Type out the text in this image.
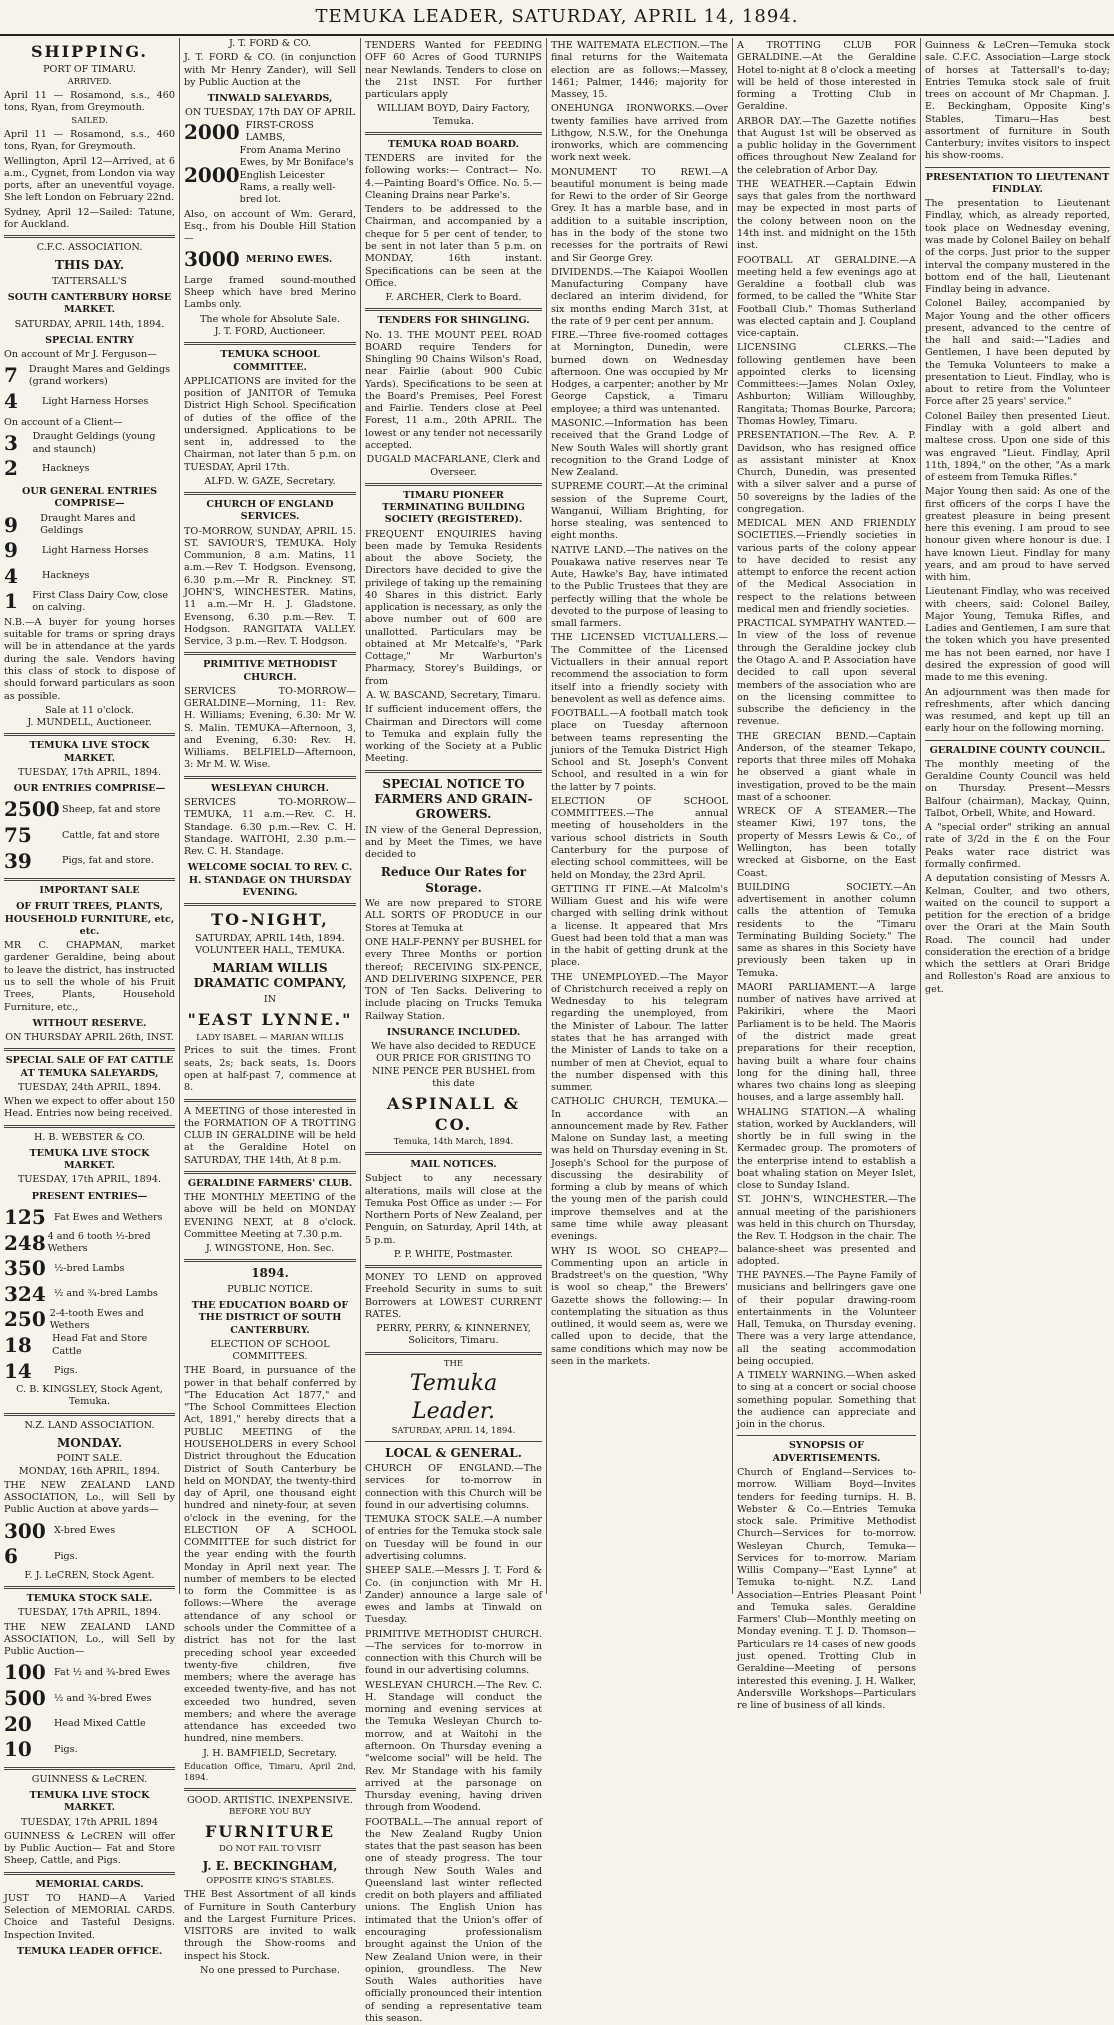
TEMUKA LEADER, SATURDAY, APRIL 14, 1894.
SHIPPING.
PORT OF TIMARU.
ARRIVED.

April 11 — Rosamond, s.s., 460 tons, Ryan, from Greymouth.

SAILED.

April 11 — Rosamond, s.s., 460 tons, Ryan, for Greymouth.

Wellington, April 12—Arrived, at 6 a.m., Cygnet, from London via way ports, after an uneventful voyage. She left London on February 22nd.

Sydney, April 12—Sailed: Tatune, for Auckland.

C.F.C. ASSOCIATION.
THIS DAY.
TATTERSALL'S
SOUTH CANTERBURY HORSE MARKET.
SATURDAY, APRIL 14th, 1894.
SPECIAL ENTRY

On account of Mr J. Ferguson—

7	Draught Mares and Geldings (grand workers)
4	Light Harness Horses

On account of a Client—

3	Draught Geldings (young and staunch)
2	Hackneys
OUR GENERAL ENTRIES COMPRISE—
9	Draught Mares and Geldings
9	Light Harness Horses
4	Hackneys
1	First Class Dairy Cow, close on calving.

N.B.—A buyer for young horses suitable for trams or spring drays will be in attendance at the yards during the sale. Vendors having this class of stock to dispose of should forward particulars as soon as possible.

Sale at 11 o'clock.
J. MUNDELL, Auctioneer.
TEMUKA LIVE STOCK MARKET.
TUESDAY, 17th APRIL, 1894.
OUR ENTRIES COMPRISE—
2500 Sheep, fat and store
75	Cattle, fat and store
39	Pigs, fat and store.
IMPORTANT SALE
OF FRUIT TREES, PLANTS, HOUSEHOLD FURNITURE, etc, etc.

MR C. CHAPMAN, market gardener Geraldine, being about to leave the district, has instructed us to sell the whole of his Fruit Trees, Plants, Household Furniture, etc.,

WITHOUT RESERVE.
ON THURSDAY APRIL 26th, INST.
SPECIAL SALE OF FAT CATTLE AT TEMUKA SALEYARDS,
TUESDAY, 24th APRIL, 1894.

When we expect to offer about 150 Head. Entries now being received.

H. B. WEBSTER & CO.
TEMUKA LIVE STOCK MARKET.
TUESDAY, 17th APRIL, 1894.
PRESENT ENTRIES—
125 Fat Ewes and Wethers
248 4 and 6 tooth ½-bred Wethers
350 ½-bred Lambs
324 ½ and ¾-bred Lambs
250 2-4-tooth Ewes and Wethers
18	Head Fat and Store Cattle
14	Pigs.
C. B. KINGSLEY, Stock Agent, Temuka.
N.Z. LAND ASSOCIATION.
MONDAY.
POINT SALE.
MONDAY, 16th APRIL, 1894.

THE NEW ZEALAND LAND ASSOCIATION, Lo., will Sell by Public Auction at above yards—

300 X-bred Ewes
6	Pigs.
F. J. LeCREN, Stock Agent.
TEMUKA STOCK SALE.
TUESDAY, 17th APRIL, 1894.

THE NEW ZEALAND LAND ASSOCIATION, Lo., will Sell by Public Auction—

100 Fat ½ and ¾-bred Ewes
500 ½ and ¾-bred Ewes
20	Head Mixed Cattle
10	Pigs.
GUINNESS & LeCREN.
TEMUKA LIVE STOCK MARKET.
TUESDAY, 17th APRIL 1894

GUINNESS & LeCREN will offer by Public Auction— Fat and Store Sheep, Cattle, and Pigs.

MEMORIAL CARDS.

JUST TO HAND—A Varied Selection of MEMORIAL CARDS. Choice and Tasteful Designs. Inspection Invited.

TEMUKA LEADER OFFICE.
J. T. FORD & CO.

J. T. FORD & CO. (in conjunction with Mr Henry Zander), will Sell by Public Auction at the

TINWALD SALEYARDS,
ON TUESDAY, 17th DAY OF APRIL
2000 FIRST-CROSS LAMBS,
2000
From Anama Merino Ewes, by Mr Boniface's English Leicester Rams, a really well-bred lot.

Also, on account of Wm. Gerard, Esq., from his Double Hill Station—

3000 MERINO EWES.

Large framed sound-mouthed Sheep which have bred Merino Lambs only.

The whole for Absolute Sale.
J. T. FORD, Auctioneer.
TEMUKA SCHOOL COMMITTEE.

APPLICATIONS are invited for the position of JANITOR of Temuka District High School. Specification of duties of the office of the undersigned. Applications to be sent in, addressed to the Chairman, not later than 5 p.m. on TUESDAY, April 17th.

ALFD. W. GAZE, Secretary.
CHURCH OF ENGLAND SERVICES.

TO-MORROW, SUNDAY, APRIL 15. ST. SAVIOUR'S, TEMUKA. Holy Communion, 8 a.m. Matins, 11 a.m.—Rev T. Hodgson. Evensong, 6.30 p.m.—Mr R. Pinckney. ST. JOHN'S, WINCHESTER. Matins, 11 a.m.—Mr H. J. Gladstone. Evensong, 6.30 p.m.—Rev. T. Hodgson. RANGITATA VALLEY. Service, 3 p.m.—Rev. T. Hodgson.

PRIMITIVE METHODIST CHURCH.

SERVICES TO-MORROW— GERALDINE—Morning, 11: Rev. H. Williams; Evening, 6.30: Mr W. S. Malin. TEMUKA—Afternoon, 3, and Evening, 6.30: Rev. H. Williams. BELFIELD—Afternoon, 3: Mr M. W. Wise.

WESLEYAN CHURCH.

SERVICES TO-MORROW— TEMUKA, 11 a.m.—Rev. C. H. Standage. 6.30 p.m.—Rev. C. H. Standage. WAITOHI, 2.30 p.m.—Rev. C. H. Standage.

WELCOME SOCIAL TO REV. C. H. STANDAGE ON THURSDAY EVENING.
TO-NIGHT,
SATURDAY, APRIL 14th, 1894.
VOLUNTEER HALL, TEMUKA.
MARIAM WILLIS DRAMATIC COMPANY,
IN
"EAST LYNNE."
LADY ISABEL — MARIAN WILLIS

Prices to suit the times. Front seats, 2s; back seats, 1s. Doors open at half-past 7, commence at 8.

A MEETING of those interested in the FORMATION OF A TROTTING CLUB IN GERALDINE will be held at the Geraldine Hotel on SATURDAY, THE 14th, At 8 p.m.

GERALDINE FARMERS' CLUB.

THE MONTHLY MEETING of the above will be held on MONDAY EVENING NEXT, at 8 o'clock. Committee Meeting at 7.30 p.m.

J. WINGSTONE, Hon. Sec.
1894.
PUBLIC NOTICE.
THE EDUCATION BOARD OF THE DISTRICT OF SOUTH CANTERBURY.
ELECTION OF SCHOOL COMMITTEES.

THE Board, in pursuance of the power in that behalf conferred by "The Education Act 1877," and "The School Committees Election Act, 1891," hereby directs that a PUBLIC MEETING of the HOUSEHOLDERS in every School District throughout the Education District of South Canterbury be held on MONDAY, the twenty-third day of April, one thousand eight hundred and ninety-four, at seven o'clock in the evening, for the ELECTION OF A SCHOOL COMMITTEE for such district for the year ending with the fourth Monday in April next year. The number of members to be elected to form the Committee is as follows:—Where the average attendance of any school or schools under the Committee of a district has not for the last preceding school year exceeded twenty-five children, five members; where the average has exceeded twenty-five, and has not exceeded two hundred, seven members; and where the average attendance has exceeded two hundred, nine members.

J. H. BAMFIELD, Secretary.

Education Office, Timaru, April 2nd, 1894.

GOOD. ARTISTIC. INEXPENSIVE.
BEFORE YOU BUY
FURNITURE
DO NOT FAIL TO VISIT
J. E. BECKINGHAM,
OPPOSITE KING'S STABLES.

THE Best Assortment of all kinds of Furniture in South Canterbury and the Largest Furniture Prices. VISITORS are invited to walk through the Show-rooms and inspect his Stock.

No one pressed to Purchase.

TENDERS Wanted for FEEDING OFF 60 Acres of Good TURNIPS near Newlands. Tenders to close on the 21st INST. For further particulars apply

WILLIAM BOYD, Dairy Factory, Temuka.
TEMUKA ROAD BOARD.

TENDERS are invited for the following works:— Contract— No. 4.—Painting Board's Office. No. 5.—Cleaning Drains near Parke's.

Tenders to be addressed to the Chairman, and accompanied by a cheque for 5 per cent of tender, to be sent in not later than 5 p.m. on MONDAY, 16th instant. Specifications can be seen at the Office.

F. ARCHER, Clerk to Board.
TENDERS FOR SHINGLING.

No. 13. THE MOUNT PEEL ROAD BOARD require Tenders for Shingling 90 Chains Wilson's Road, near Fairlie (about 900 Cubic Yards). Specifications to be seen at the Board's Premises, Peel Forest and Fairlie. Tenders close at Peel Forest, 11 a.m., 20th APRIL. The lowest or any tender not necessarily accepted.

DUGALD MACFARLANE, Clerk and Overseer.
TIMARU PIONEER TERMINATING BUILDING SOCIETY (REGISTERED).

FREQUENT ENQUIRIES having been made by Temuka Residents about the above Society, the Directors have decided to give the privilege of taking up the remaining 40 Shares in this district. Early application is necessary, as only the above number out of 600 are unallotted. Particulars may be obtained at Mr Metcalfe's, "Park Cottage," Mr Warburton's Pharmacy, Storey's Buildings, or from

A. W. BASCAND, Secretary, Timaru.

If sufficient inducement offers, the Chairman and Directors will come to Temuka and explain fully the working of the Society at a Public Meeting.

SPECIAL NOTICE TO FARMERS AND GRAIN-GROWERS.

IN view of the General Depression, and by Meet the Times, we have decided to

Reduce Our Rates for Storage.

We are now prepared to STORE ALL SORTS OF PRODUCE in our Stores at Temuka at

ONE HALF-PENNY per BUSHEL for every Three Months or portion thereof; RECEIVING SIX-PENCE, AND DELIVERING SIXPENCE, PER TON of Ten Sacks. Delivering to include placing on Trucks Temuka Railway Station.

INSURANCE INCLUDED.

We have also decided to REDUCE OUR PRICE FOR GRISTING TO NINE PENCE PER BUSHEL from this date

ASPINALL & CO.
Temuka, 14th March, 1894.
MAIL NOTICES.

Subject to any necessary alterations, mails will close at the Temuka Post Office as under :— For Northern Ports of New Zealand, per Penguin, on Saturday, April 14th, at 5 p.m.

P. P. WHITE, Postmaster.

MONEY TO LEND on approved Freehold Security in sums to suit Borrowers at LOWEST CURRENT RATES.

PERRY, PERRY, & KINNERNEY, Solicitors, Timaru.
THE
Temuka Leader.
SATURDAY, APRIL 14, 1894.
LOCAL & GENERAL.

CHURCH OF ENGLAND.—The services for to-morrow in connection with this Church will be found in our advertising columns.

TEMUKA STOCK SALE.—A number of entries for the Temuka stock sale on Tuesday will be found in our advertising columns.

SHEEP SALE.—Messrs J. T. Ford & Co. (in conjunction with Mr H. Zander) announce a large sale of ewes and lambs at Tinwald on Tuesday.

PRIMITIVE METHODIST CHURCH.—The services for to-morrow in connection with this Church will be found in our advertising columns.

WESLEYAN CHURCH.—The Rev. C. H. Standage will conduct the morning and evening services at the Temuka Wesleyan Church to-morrow, and at Waitohi in the afternoon. On Thursday evening a "welcome social" will be held. The Rev. Mr Standage with his family arrived at the parsonage on Thursday evening, having driven through from Woodend.

FOOTBALL.—The annual report of the New Zealand Rugby Union states that the past season has been one of steady progress. The tour through New South Wales and Queensland last winter reflected credit on both players and affiliated unions. The English Union has intimated that the Union's offer of encouraging professionalism brought against the Union of the New Zealand Union were, in their opinion, groundless. The New South Wales authorities have officially pronounced their intention of sending a representative team this season.

THE WAITEMATA ELECTION.—The final returns for the Waitemata election are as follows:—Massey, 1461; Palmer, 1446; majority for Massey, 15.

ONEHUNGA IRONWORKS.—Over twenty families have arrived from Lithgow, N.S.W., for the Onehunga ironworks, which are commencing work next week.

MONUMENT TO REWI.—A beautiful monument is being made for Rewi to the order of Sir George Grey. It has a marble base, and in addition to a suitable inscription, has in the body of the stone two recesses for the portraits of Rewi and Sir George Grey.

DIVIDENDS.—The Kaiapoi Woollen Manufacturing Company have declared an interim dividend, for six months ending March 31st, at the rate of 9 per cent per annum.

FIRE.—Three five-roomed cottages at Mornington, Dunedin, were burned down on Wednesday afternoon. One was occupied by Mr Hodges, a carpenter; another by Mr George Capstick, a Timaru employee; a third was untenanted.

MASONIC.—Information has been received that the Grand Lodge of New South Wales will shortly grant recognition to the Grand Lodge of New Zealand.

SUPREME COURT.—At the criminal session of the Supreme Court, Wanganui, William Brighting, for horse stealing, was sentenced to eight months.

NATIVE LAND.—The natives on the Pouakawa native reserves near Te Aute, Hawke's Bay, have intimated to the Public Trustees that they are perfectly willing that the whole be devoted to the purpose of leasing to small farmers.

THE LICENSED VICTUALLERS.—The Committee of the Licensed Victuallers in their annual report recommend the association to form itself into a friendly society with benevolent as well as defence aims.

FOOTBALL.—A football match took place on Tuesday afternoon between teams representing the juniors of the Temuka District High School and St. Joseph's Convent School, and resulted in a win for the latter by 7 points.

ELECTION OF SCHOOL COMMITTEES.—The annual meeting of householders in the various school districts in South Canterbury for the purpose of electing school committees, will be held on Monday, the 23rd April.

GETTING IT FINE.—At Malcolm's William Guest and his wife were charged with selling drink without a license. It appeared that Mrs Guest had been told that a man was in the habit of getting drunk at the place.

THE UNEMPLOYED.—The Mayor of Christchurch received a reply on Wednesday to his telegram regarding the unemployed, from the Minister of Labour. The latter states that he has arranged with the Minister of Lands to take on a number of men at Cheviot, equal to the number dispensed with this summer.

CATHOLIC CHURCH, TEMUKA.—In accordance with an announcement made by Rev. Father Malone on Sunday last, a meeting was held on Thursday evening in St. Joseph's School for the purpose of discussing the desirability of forming a club by means of which the young men of the parish could improve themselves and at the same time while away pleasant evenings.

WHY IS WOOL SO CHEAP?—Commenting upon an article in Bradstreet's on the question, "Why is wool so cheap," the Brewers' Gazette shows the following:— In contemplating the situation as thus outlined, it would seem as, were we called upon to decide, that the same conditions which may now be seen in the markets.

A TROTTING CLUB FOR GERALDINE.—At the Geraldine Hotel to-night at 8 o'clock a meeting will be held of those interested in forming a Trotting Club in Geraldine.

ARBOR DAY.—The Gazette notifies that August 1st will be observed as a public holiday in the Government offices throughout New Zealand for the celebration of Arbor Day.

THE WEATHER.—Captain Edwin says that gales from the northward may be expected in most parts of the colony between noon on the 14th inst. and midnight on the 15th inst.

FOOTBALL AT GERALDINE.—A meeting held a few evenings ago at Geraldine a football club was formed, to be called the "White Star Football Club." Thomas Sutherland was elected captain and J. Coupland vice-captain.

LICENSING CLERKS.—The following gentlemen have been appointed clerks to licensing Committees:—James Nolan Oxley, Ashburton; William Willoughby, Rangitata; Thomas Bourke, Parcora; Thomas Howley, Timaru.

PRESENTATION.—The Rev. A. P. Davidson, who has resigned office as assistant minister at Knox Church, Dunedin, was presented with a silver salver and a purse of 50 sovereigns by the ladies of the congregation.

MEDICAL MEN AND FRIENDLY SOCIETIES.—Friendly societies in various parts of the colony appear to have decided to resist any attempt to enforce the recent action of the Medical Association in respect to the relations between medical men and friendly societies.

PRACTICAL SYMPATHY WANTED.—In view of the loss of revenue through the Geraldine jockey club the Otago A. and P. Association have decided to call upon several members of the association who are on the licensing committee to subscribe the deficiency in the revenue.

THE GRECIAN BEND.—Captain Anderson, of the steamer Tekapo, reports that three miles off Mohaka he observed a giant whale in investigation, proved to be the main mast of a schooner.

WRECK OF A STEAMER.—The steamer Kiwi, 197 tons, the property of Messrs Lewis & Co., of Wellington, has been totally wrecked at Gisborne, on the East Coast.

BUILDING SOCIETY.—An advertisement in another column calls the attention of Temuka residents to the "Timaru Terminating Building Society." The same as shares in this Society have previously been taken up in Temuka.

MAORI PARLIAMENT.—A large number of natives have arrived at Pakirikiri, where the Maori Parliament is to be held. The Maoris of the district made great preparations for their reception, having built a whare four chains long for the dining hall, three whares two chains long as sleeping houses, and a large assembly hall.

WHALING STATION.—A whaling station, worked by Aucklanders, will shortly be in full swing in the Kermadec group. The promoters of the enterprise intend to establish a boat whaling station on Meyer Islet, close to Sunday Island.

ST. JOHN'S, WINCHESTER.—The annual meeting of the parishioners was held in this church on Thursday, the Rev. T. Hodgson in the chair. The balance-sheet was presented and adopted.

THE PAYNES.—The Payne Family of musicians and bellringers gave one of their popular drawing-room entertainments in the Volunteer Hall, Temuka, on Thursday evening. There was a very large attendance, all the seating accommodation being occupied.

A TIMELY WARNING.—When asked to sing at a concert or social choose something popular. Something that the audience can appreciate and join in the chorus.

SYNOPSIS OF ADVERTISEMENTS.

Church of England—Services to-morrow. William Boyd—Invites tenders for feeding turnips. H. B. Webster & Co.—Entries Temuka stock sale. Primitive Methodist Church—Services for to-morrow. Wesleyan Church, Temuka—Services for to-morrow. Mariam Willis Company—"East Lynne" at Temuka to-night. N.Z. Land Association—Entries Pleasant Point and Temuka sales. Geraldine Farmers' Club—Monthly meeting on Monday evening. T. J. D. Thomson—Particulars re 14 cases of new goods just opened. Trotting Club in Geraldine—Meeting of persons interested this evening. J. H. Walker, Andersville Workshops—Particulars re line of business of all kinds.

Guinness & LeCren—Temuka stock sale. C.F.C. Association—Large stock of horses at Tattersall's to-day; Entries Temuka stock sale of fruit trees on account of Mr Chapman. J. E. Beckingham, Opposite King's Stables, Timaru—Has best assortment of furniture in South Canterbury; invites visitors to inspect his show-rooms.

PRESENTATION TO LIEUTENANT FINDLAY.

The presentation to Lieutenant Findlay, which, as already reported, took place on Wednesday evening, was made by Colonel Bailey on behalf of the corps. Just prior to the supper interval the company mustered in the bottom end of the hall, Lieutenant Findlay being in advance.

Colonel Bailey, accompanied by Major Young and the other officers present, advanced to the centre of the hall and said:—"Ladies and Gentlemen, I have been deputed by the Temuka Volunteers to make a presentation to Lieut. Findlay, who is about to retire from the Volunteer Force after 25 years' service."

Colonel Bailey then presented Lieut. Findlay with a gold albert and maltese cross. Upon one side of this was engraved "Lieut. Findlay, April 11th, 1894," on the other, "As a mark of esteem from Temuka Rifles."

Major Young then said: As one of the first officers of the corps I have the greatest pleasure in being present here this evening. I am proud to see honour given where honour is due. I have known Lieut. Findlay for many years, and am proud to have served with him.

Lieutenant Findlay, who was received with cheers, said: Colonel Bailey, Major Young, Temuka Rifles, and Ladies and Gentlemen, I am sure that the token which you have presented me has not been earned, nor have I desired the expression of good will made to me this evening.

An adjournment was then made for refreshments, after which dancing was resumed, and kept up till an early hour on the following morning.

GERALDINE COUNTY COUNCIL.

The monthly meeting of the Geraldine County Council was held on Thursday. Present—Messrs Balfour (chairman), Mackay, Quinn, Talbot, Orbell, White, and Howard.

A "special order" striking an annual rate of 3/2d in the £ on the Four Peaks water race district was formally confirmed.

A deputation consisting of Messrs A. Kelman, Coulter, and two others, waited on the council to support a petition for the erection of a bridge over the Orari at the Main South Road. The council had under consideration the erection of a bridge which the settlers at Orari Bridge and Rolleston's Road are anxious to get.
